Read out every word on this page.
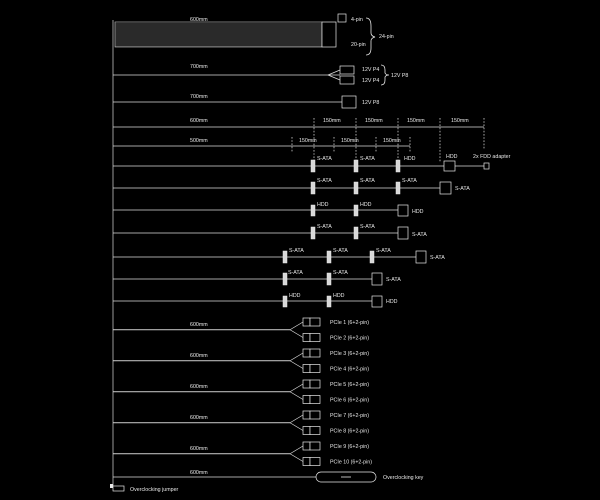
600mm	4-pin
20-pin
24-pin
700mm	12V P4
12V P4
12V P8
700mm
12V P8
600mm	150mm	150mm	150mm	150mm
500mm	150mm	150mm	150mm
S-ATA	S-ATA	HDD	HDD	2x FDD adapter
S-ATA	S-ATA	S-ATA
S-ATA
HDD	HDD
HDD
S-ATA	S-ATA
S-ATA
S-ATA	S-ATA	S-ATA
S-ATA
S-ATA	S-ATA
S-ATA
HDD	HDD
HDD
PCIe 1 (6+2-pin)
600mm
PCIe 2 (6+2-pin)
PCIe 3 (6+2-pin)
600mm
PCIe 4 (6+2-pin)
PCIe 5 (6+2-pin)
600mm
PCIe 6 (6+2-pin)
PCIe 7 (6+2-pin)
600mm
PCIe 8 (6+2-pin)
PCIe 9 (6+2-pin)
600mm
PCIe 10 (6+2-pin)
600mm
Overclocking key
Overclocking jumper
